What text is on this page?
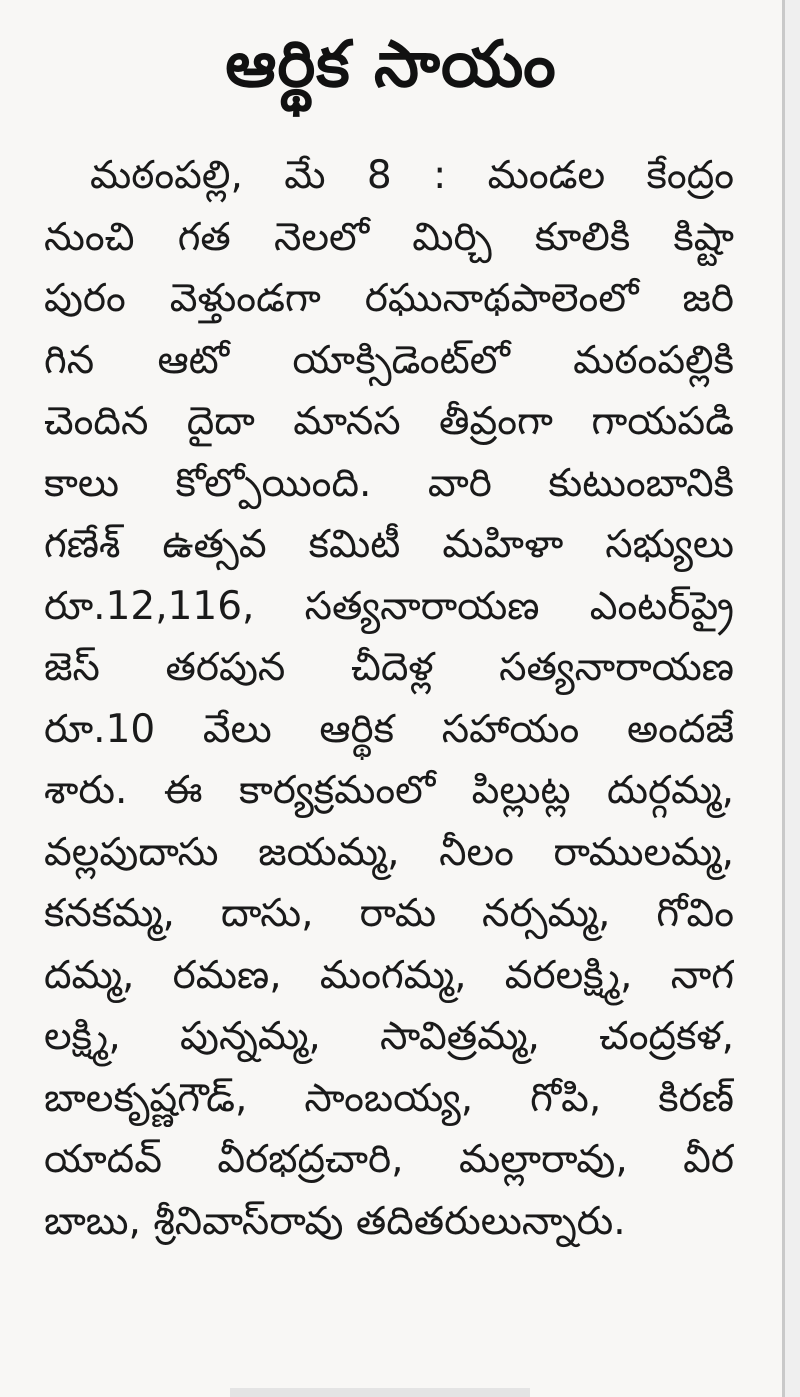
ఆర్థిక సాయం
మఠంపల్లి, మే 8 : మండల కేంద్రం
నుంచి గత నెలలో మిర్చి కూలికి కిష్టా
పురం వెళ్తుండగా రఘునాథపాలెంలో జరి
గిన ఆటో యాక్సిడెంట్‌లో మఠంపల్లికి
చెందిన దైదా మానస తీవ్రంగా గాయపడి
కాలు కోల్పోయింది. వారి కుటుంబానికి
గణేశ్ ఉత్సవ కమిటీ మహిళా సభ్యులు
రూ.12,116, సత్యనారాయణ ఎంటర్‌ప్రై
జెస్ తరపున చీదెళ్ల సత్యనారాయణ
రూ.10 వేలు ఆర్థిక సహాయం అందజే
శారు. ఈ కార్యక్రమంలో పిల్లుట్ల దుర్గమ్మ,
వల్లపుదాసు జయమ్మ, నీలం రాములమ్మ,
కనకమ్మ, దాసు, రామ నర్సమ్మ, గోవిం
దమ్మ, రమణ, మంగమ్మ, వరలక్ష్మి, నాగ
లక్ష్మి, పున్నమ్మ, సావిత్రమ్మ, చంద్రకళ,
బాలకృష్ణగౌడ్, సాంబయ్య, గోపి, కిరణ్
యాదవ్ వీరభద్రచారి, మల్లారావు, వీర
బాబు, శ్రీనివాస్‌రావు తదితరులున్నారు.
